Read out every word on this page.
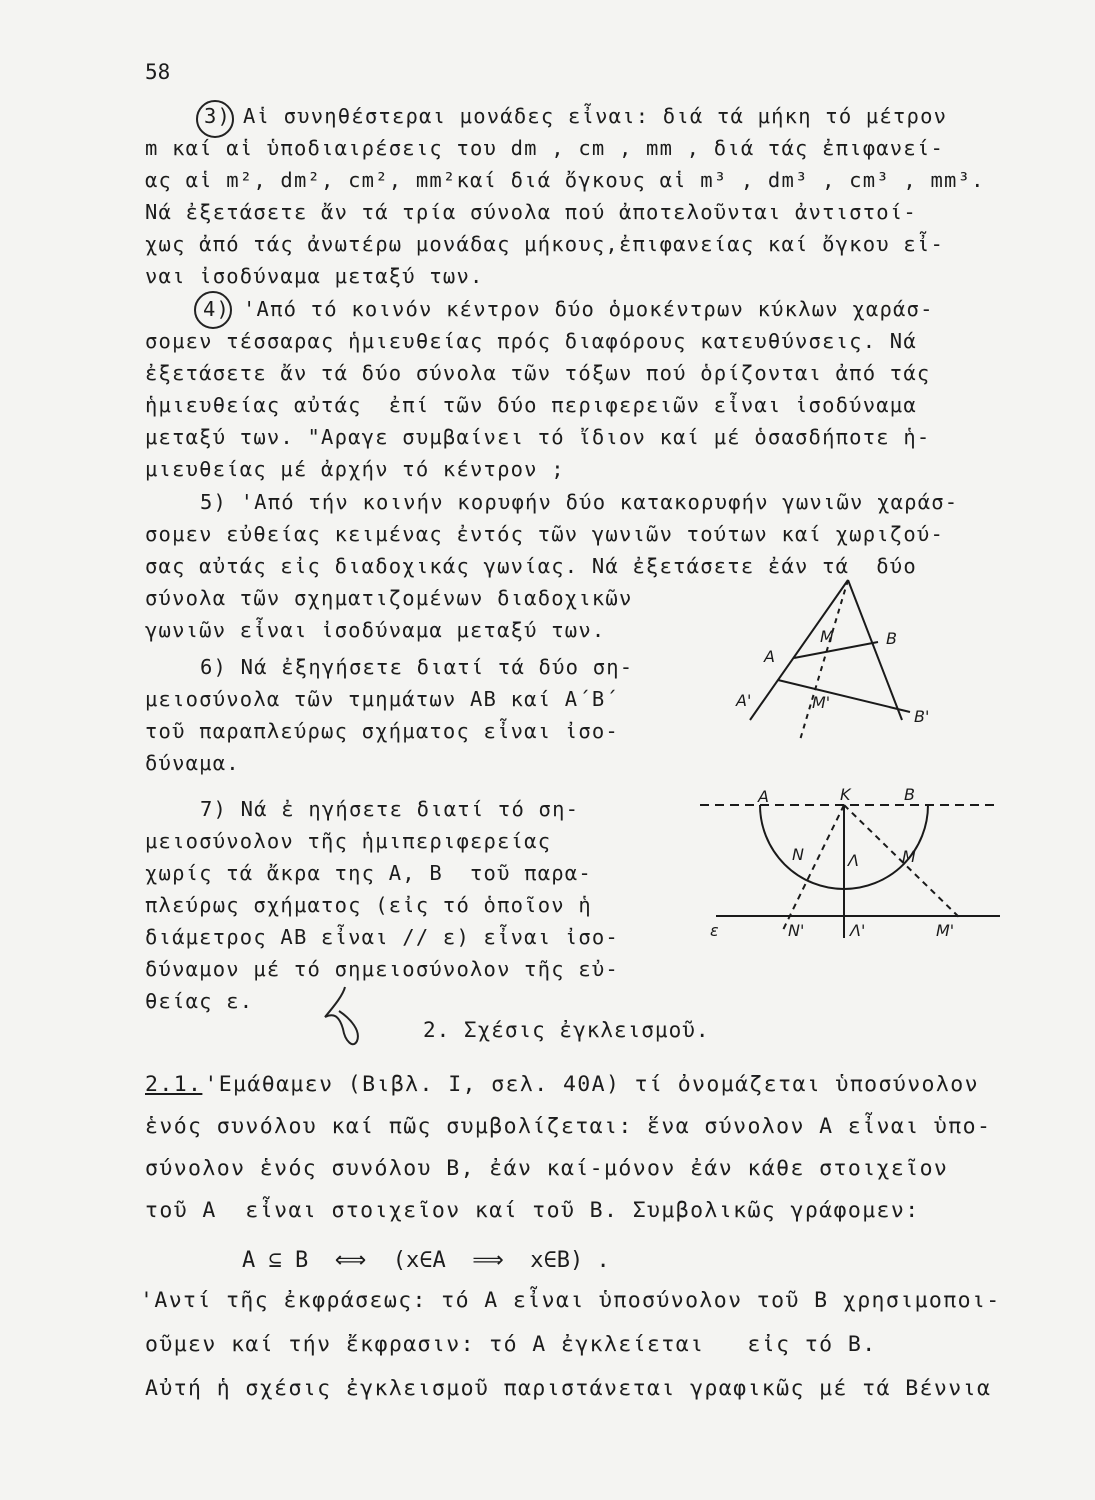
58
3) Αἱ συνηθέστεραι μονάδες εἶναι: διά τά μήκη τό μέτρον
m καί αἱ ὑποδιαιρέσεις του dm , cm , mm , διά τάς ἐπιφανεί-
ας αἱ m², dm², cm², mm²καί διά ὄγκους αἱ m³ , dm³ , cm³ , mm³.
Νά ἐξετάσετε ἄν τά τρία σύνολα πού ἀποτελοῦνται ἀντιστοί-
χως ἀπό τάς ἀνωτέρω μονάδας μήκους,ἐπιφανείας καί ὄγκου εἶ-
ναι ἰσοδύναμα μεταξύ των.
4) 'Από τό κοινόν κέντρον δύο ὁμοκέντρων κύκλων χαράσ-
σομεν τέσσαρας ἡμιευθείας πρός διαφόρους κατευθύνσεις. Νά
ἐξετάσετε ἄν τά δύο σύνολα τῶν τόξων πού ὁρίζονται ἀπό τάς
ἡμιευθείας αὐτάς  ἐπί τῶν δύο περιφερειῶν εἶναι ἰσοδύναμα
μεταξύ των. "Αραγε συμβαίνει τό ἴδιον καί μέ ὁσασδήποτε ἡ-
μιευθείας μέ ἀρχήν τό κέντρον ;
5) 'Από τήν κοινήν κορυφήν δύο κατακορυφήν γωνιῶν χαράσ-
σομεν εὐθείας κειμένας ἐντός τῶν γωνιῶν τούτων καί χωριζού-
σας αὐτάς εἰς διαδοχικάς γωνίας. Νά ἐξετάσετε ἐάν τά  δύο
σύνολα τῶν σχηματιζομένων διαδοχικῶν
γωνιῶν εἶναι ἰσοδύναμα μεταξύ των.
6) Νά ἐξηγήσετε διατί τά δύο ση-
μειοσύνολα τῶν τμημάτων ΑΒ καί Α΄Β΄
τοῦ παραπλεύρως σχήματος εἶναι ἰσο-
δύναμα.
7) Νά ἐ ηγήσετε διατί τό ση-
μειοσύνολον τῆς ἡμιπεριφερείας
χωρίς τά ἄκρα της Α, Β  τοῦ παρα-
πλεύρως σχήματος (εἰς τό ὁποῖον ἡ
διάμετρος ΑΒ εἶναι // ε) εἶναι ἰσο-
δύναμον μέ τό σημειοσύνολον τῆς εὐ-
θείας ε.
M	B
A
A'	M'
B'
A	K	B
N	Λ	M
ε	N'	Λ'	M'
2. Σχέσις ἐγκλεισμοῦ.
2.1.
'Εμάθαμεν (Βιβλ. Ι, σελ. 40Α) τί ὀνομάζεται ὑποσύνολον
ἑνός συνόλου καί πῶς συμβολίζεται: ἕνα σύνολον Α εἶναι ὑπο-
σύνολον ἑνός συνόλου Β, ἐάν καί-μόνον ἐάν κάθε στοιχεῖον
τοῦ Α  εἶναι στοιχεῖον καί τοῦ Β. Συμβολικῶς γράφομεν:
A ⊆ B  ⟺  (x∈A  ⟹  x∈B) .
'Αντί τῆς ἐκφράσεως: τό Α εἶναι ὑποσύνολον τοῦ Β χρησιμοποι-
οῦμεν καί τήν ἔκφρασιν: τό Α ἐγκλείεται   εἰς τό Β.
Αὐτή ἡ σχέσις ἐγκλεισμοῦ παριστάνεται γραφικῶς μέ τά Βέννια
